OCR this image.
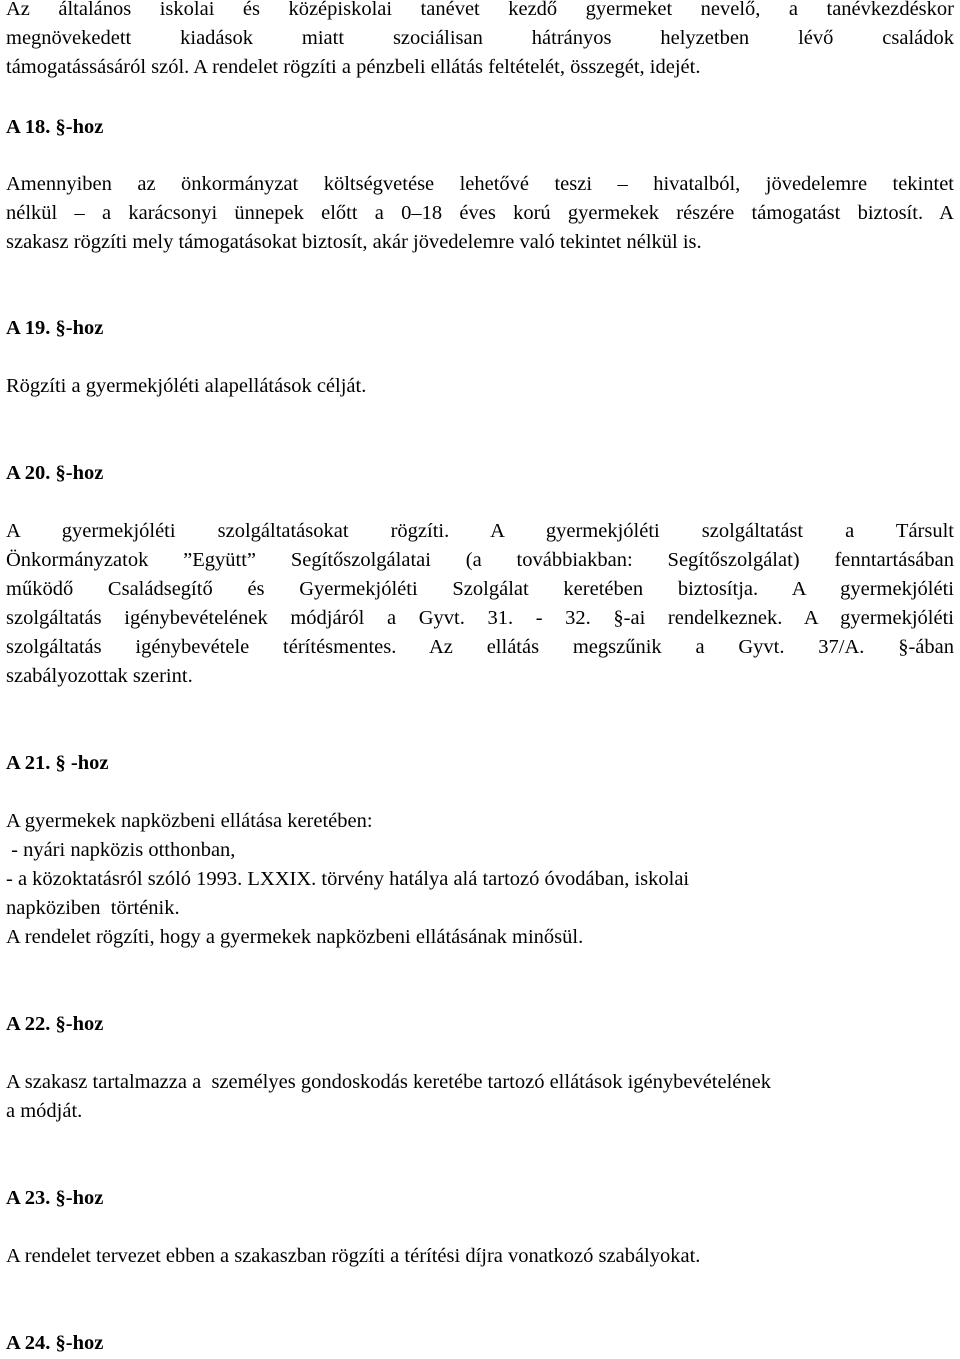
Az általános iskolai és középiskolai tanévet kezdő gyermeket nevelő, a tanévkezdéskor

megnövekedett kiadások miatt szociálisan hátrányos helyzetben lévő családok

támogatássásáról szól. A rendelet rögzíti a pénzbeli ellátás feltételét, összegét, idejét.

A 18. §-hoz

Amennyiben az önkormányzat költségvetése lehetővé teszi – hivatalból, jövedelemre tekintet

nélkül – a karácsonyi ünnepek előtt a 0–18 éves korú gyermekek részére támogatást biztosít. A

szakasz rögzíti mely támogatásokat biztosít, akár jövedelemre való tekintet nélkül is.

A 19. §-hoz

Rögzíti a gyermekjóléti alapellátások célját.

A 20. §-hoz

A gyermekjóléti szolgáltatásokat rögzíti. A gyermekjóléti szolgáltatást a Társult

Önkormányzatok ”Együtt” Segítőszolgálatai (a továbbiakban: Segítőszolgálat) fenntartásában

működő Családsegítő és Gyermekjóléti Szolgálat keretében biztosítja. A gyermekjóléti

szolgáltatás igénybevételének módjáról a Gyvt. 31. - 32. §-ai rendelkeznek. A gyermekjóléti

szolgáltatás igénybevétele térítésmentes. Az ellátás megszűnik a Gyvt. 37/A. §-ában

szabályozottak szerint.

A 21. § -hoz

A gyermekek napközbeni ellátása keretében:

- nyári napközis otthonban,

- a közoktatásról szóló 1993. LXXIX. törvény hatálya alá tartozó óvodában, iskolai

napköziben  történik.

A rendelet rögzíti, hogy a gyermekek napközbeni ellátásának minősül.

A 22. §-hoz

A szakasz tartalmazza a  személyes gondoskodás keretébe tartozó ellátások igénybevételének

a módját.

A 23. §-hoz

A rendelet tervezet ebben a szakaszban rögzíti a térítési díjra vonatkozó szabályokat.

A 24. §-hoz
